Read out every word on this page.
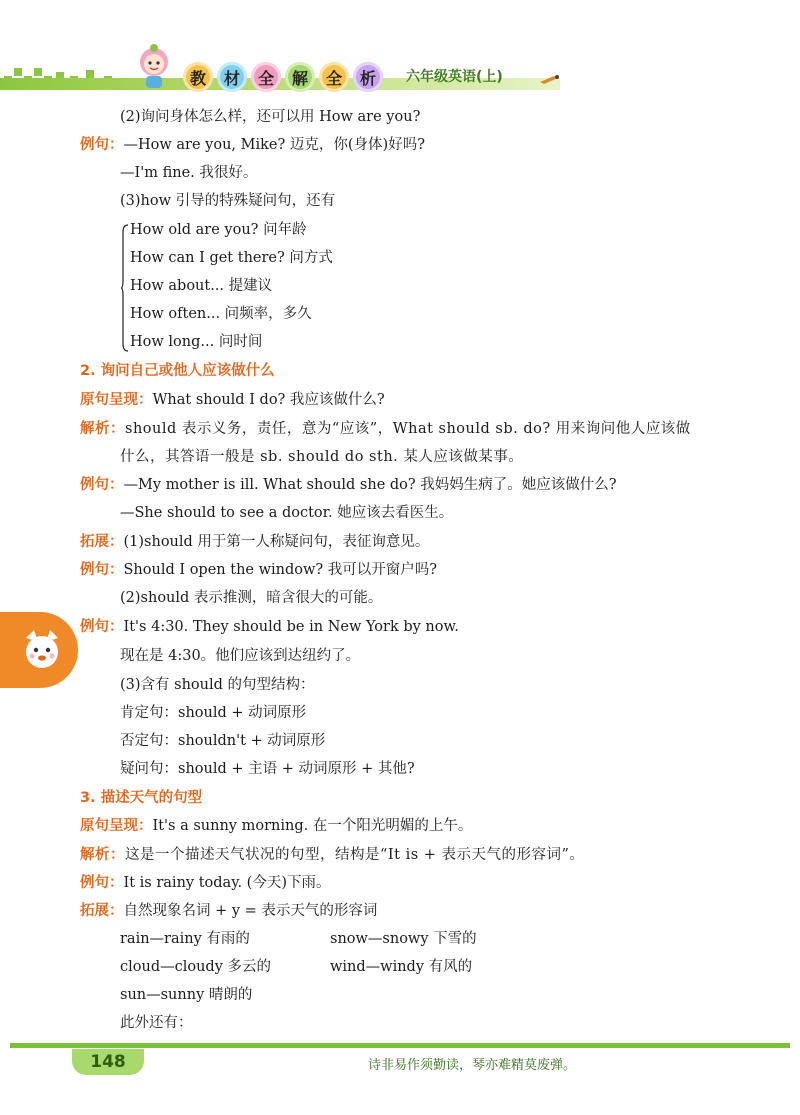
教	材	全	解	全	析	六年级英语(上)
(2)询问身体怎么样，还可以用 How are you?
例句：—How are you, Mike? 迈克，你(身体)好吗?
—I'm fine. 我很好。
(3)how 引导的特殊疑问句，还有
How old are you? 问年龄
How can I get there? 问方式
How about... 提建议
How often... 问频率，多久
How long... 问时间
2. 询问自己或他人应该做什么
原句呈现：What should I do? 我应该做什么?
解析：should 表示义务，责任，意为“应该”，What should sb. do? 用来询问他人应该做
什么，其答语一般是 sb. should do sth. 某人应该做某事。
例句：—My mother is ill. What should she do? 我妈妈生病了。她应该做什么?
—She should to see a doctor. 她应该去看医生。
拓展：(1)should 用于第一人称疑问句，表征询意见。
例句：Should I open the window? 我可以开窗户吗?
(2)should 表示推测，暗含很大的可能。
例句：It's 4:30. They should be in New York by now.
现在是 4:30。他们应该到达纽约了。
(3)含有 should 的句型结构：
肯定句：should + 动词原形
否定句：shouldn't + 动词原形
疑问句：should + 主语 + 动词原形 + 其他?
3. 描述天气的句型
原句呈现：It's a sunny morning. 在一个阳光明媚的上午。
解析：这是一个描述天气状况的句型，结构是“It is + 表示天气的形容词”。
例句：It is rainy today. (今天)下雨。
拓展：自然现象名词 + y = 表示天气的形容词
rain—rainy 有雨的	snow—snowy 下雪的
cloud—cloudy 多云的	wind—windy 有风的
sun—sunny 晴朗的
此外还有：
148	诗非易作须勤读，琴亦难精莫废弹。
